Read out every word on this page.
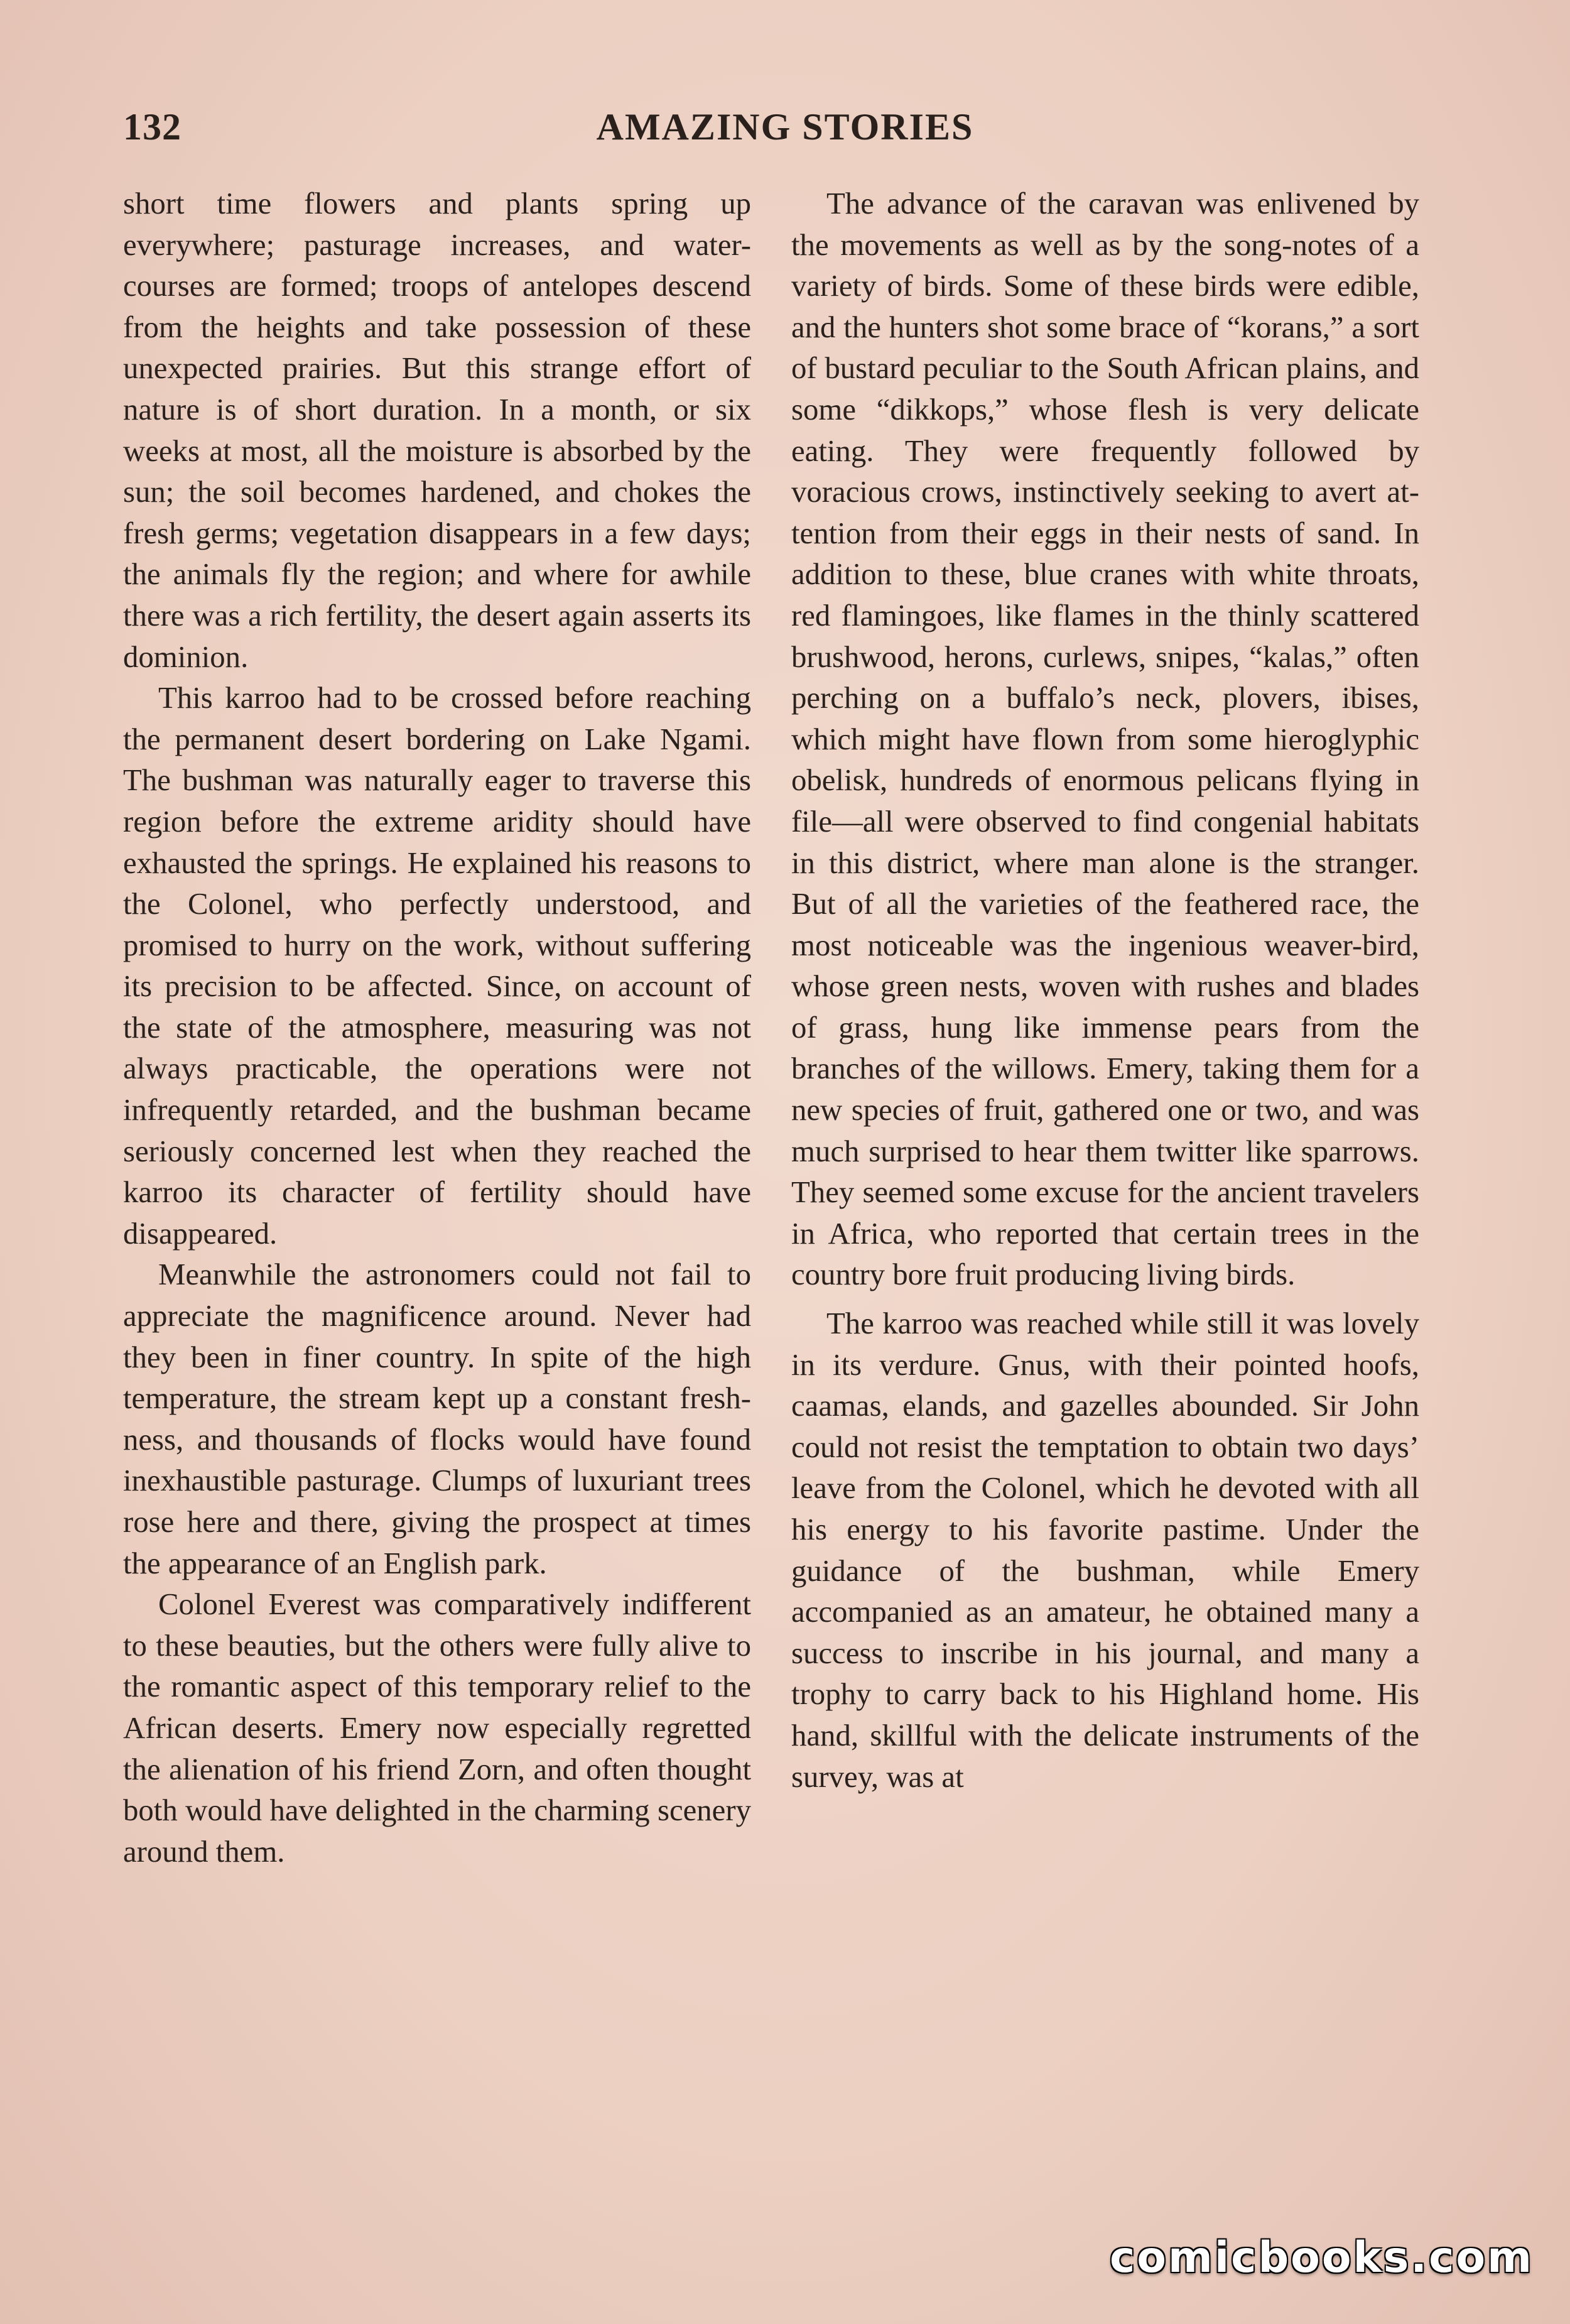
132	AMAZING STORIES

short time flowers and plants spring up everywhere; pasturage increases, and water-courses are formed; troops of antelopes descend from the heights and take possession of these unexpected prairies. But this strange effort of nature is of short duration. In a month, or six weeks at most, all the moisture is absorbed by the sun; the soil becomes hardened, and chokes the fresh germs; vegetation disappears in a few days; the animals fly the region; and where for awhile there was a rich fertility, the desert again asserts its dominion.

This karroo had to be crossed before reaching the permanent desert bordering on Lake Ngami. The bushman was naturally eager to traverse this region before the extreme aridity should have exhausted the springs. He explained his reasons to the Colonel, who perfectly understood, and promised to hurry on the work, without suffering its precision to be affected. Since, on account of the state of the atmosphere, measuring was not always practicable, the operations were not infrequently retarded, and the bushman became seriously concerned lest when they reached the karroo its character of fertility should have disappeared.

Meanwhile the astronomers could not fail to appreciate the magnificence around. Never had they been in finer country. In spite of the high temperature, the stream kept up a constant freshness, and thousands of flocks would have found inexhaustible pasturage. Clumps of luxuriant trees rose here and there, giving the prospect at times the appearance of an English park.

Colonel Everest was comparatively indifferent to these beauties, but the others were fully alive to the romantic aspect of this temporary relief to the African deserts. Emery now especially regretted the alienation of his friend Zorn, and often thought both would have delighted in the charming scenery around them.

The advance of the caravan was enlivened by the movements as well as by the song-notes of a variety of birds. Some of these birds were edible, and the hunters shot some brace of “korans,” a sort of bustard peculiar to the South African plains, and some “dikkops,” whose flesh is very delicate eating. They were frequently followed by voracious crows, instinctively seeking to avert attention from their eggs in their nests of sand. In addition to these, blue cranes with white throats, red flamingoes, like flames in the thinly scattered brushwood, herons, curlews, snipes, “kalas,” often perching on a buffalo’s neck, plovers, ibises, which might have flown from some hieroglyphic obelisk, hundreds of enormous pelicans flying in file—all were observed to find congenial habitats in this district, where man alone is the stranger. But of all the varieties of the feathered race, the most noticeable was the ingenious weaver-bird, whose green nests, woven with rushes and blades of grass, hung like immense pears from the branches of the willows. Emery, taking them for a new species of fruit, gathered one or two, and was much surprised to hear them twitter like sparrows. They seemed some excuse for the ancient travelers in Africa, who reported that certain trees in the country bore fruit producing living birds.

The karroo was reached while still it was lovely in its verdure. Gnus, with their pointed hoofs, caamas, elands, and gazelles abounded. Sir John could not resist the temptation to obtain two days’ leave from the Colonel, which he devoted with all his energy to his favorite pastime. Under the guidance of the bushman, while Emery accompanied as an amateur, he obtained many a success to inscribe in his journal, and many a trophy to carry back to his Highland home. His hand, skillful with the delicate instruments of the survey, was at

comicbooks.com
